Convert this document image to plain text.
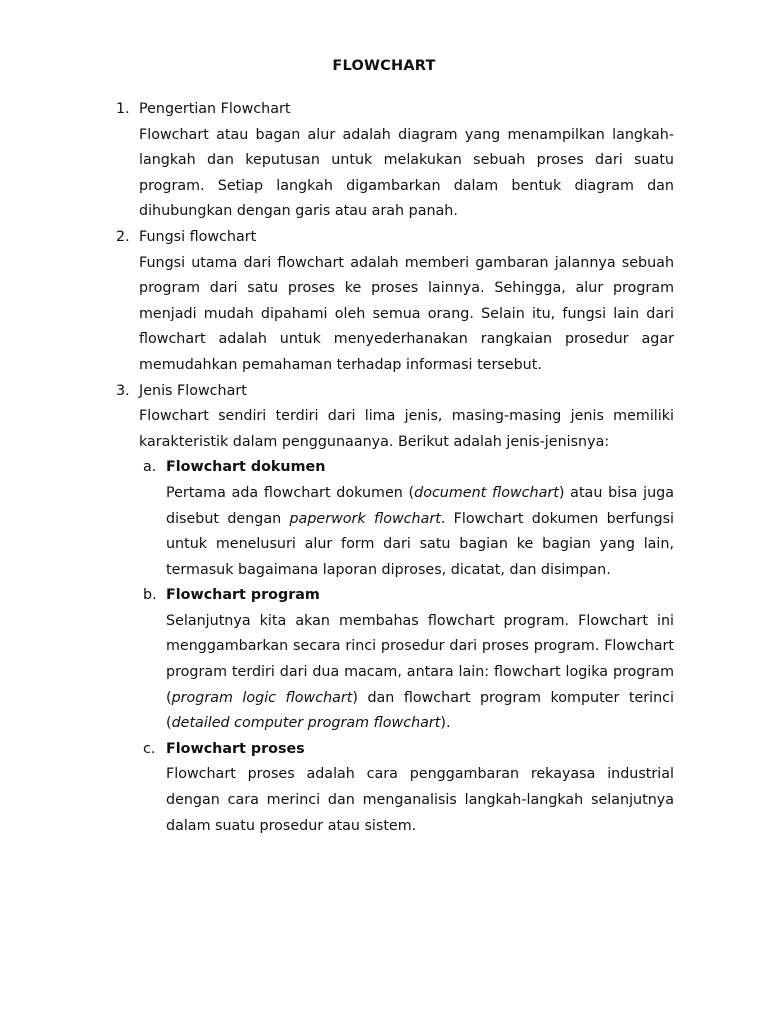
FLOWCHART
1. Pengertian Flowchart

Flowchart atau bagan alur adalah diagram yang menampilkan langkah-langkah dan keputusan untuk melakukan sebuah proses dari suatu program. Setiap langkah digambarkan dalam bentuk diagram dan dihubungkan dengan garis atau arah panah.

2. Fungsi flowchart

Fungsi utama dari flowchart adalah memberi gambaran jalannya sebuah program dari satu proses ke proses lainnya. Sehingga, alur program menjadi mudah dipahami oleh semua orang. Selain itu, fungsi lain dari flowchart adalah untuk menyederhanakan rangkaian prosedur agar memudahkan pemahaman terhadap informasi tersebut.

3. Jenis Flowchart

Flowchart sendiri terdiri dari lima jenis, masing-masing jenis memiliki karakteristik dalam penggunaanya. Berikut adalah jenis-jenisnya:

a. Flowchart dokumen

Pertama ada flowchart dokumen (document flowchart) atau bisa juga disebut dengan paperwork flowchart. Flowchart dokumen berfungsi untuk menelusuri alur form dari satu bagian ke bagian yang lain, termasuk bagaimana laporan diproses, dicatat, dan disimpan.

b. Flowchart program

Selanjutnya kita akan membahas flowchart program. Flowchart ini menggambarkan secara rinci prosedur dari proses program. Flowchart program terdiri dari dua macam, antara lain: flowchart logika program (program logic flowchart) dan flowchart program komputer terinci (detailed computer program flowchart).

c. Flowchart proses

Flowchart proses adalah cara penggambaran rekayasa industrial dengan cara merinci dan menganalisis langkah-langkah selanjutnya dalam suatu prosedur atau sistem.
